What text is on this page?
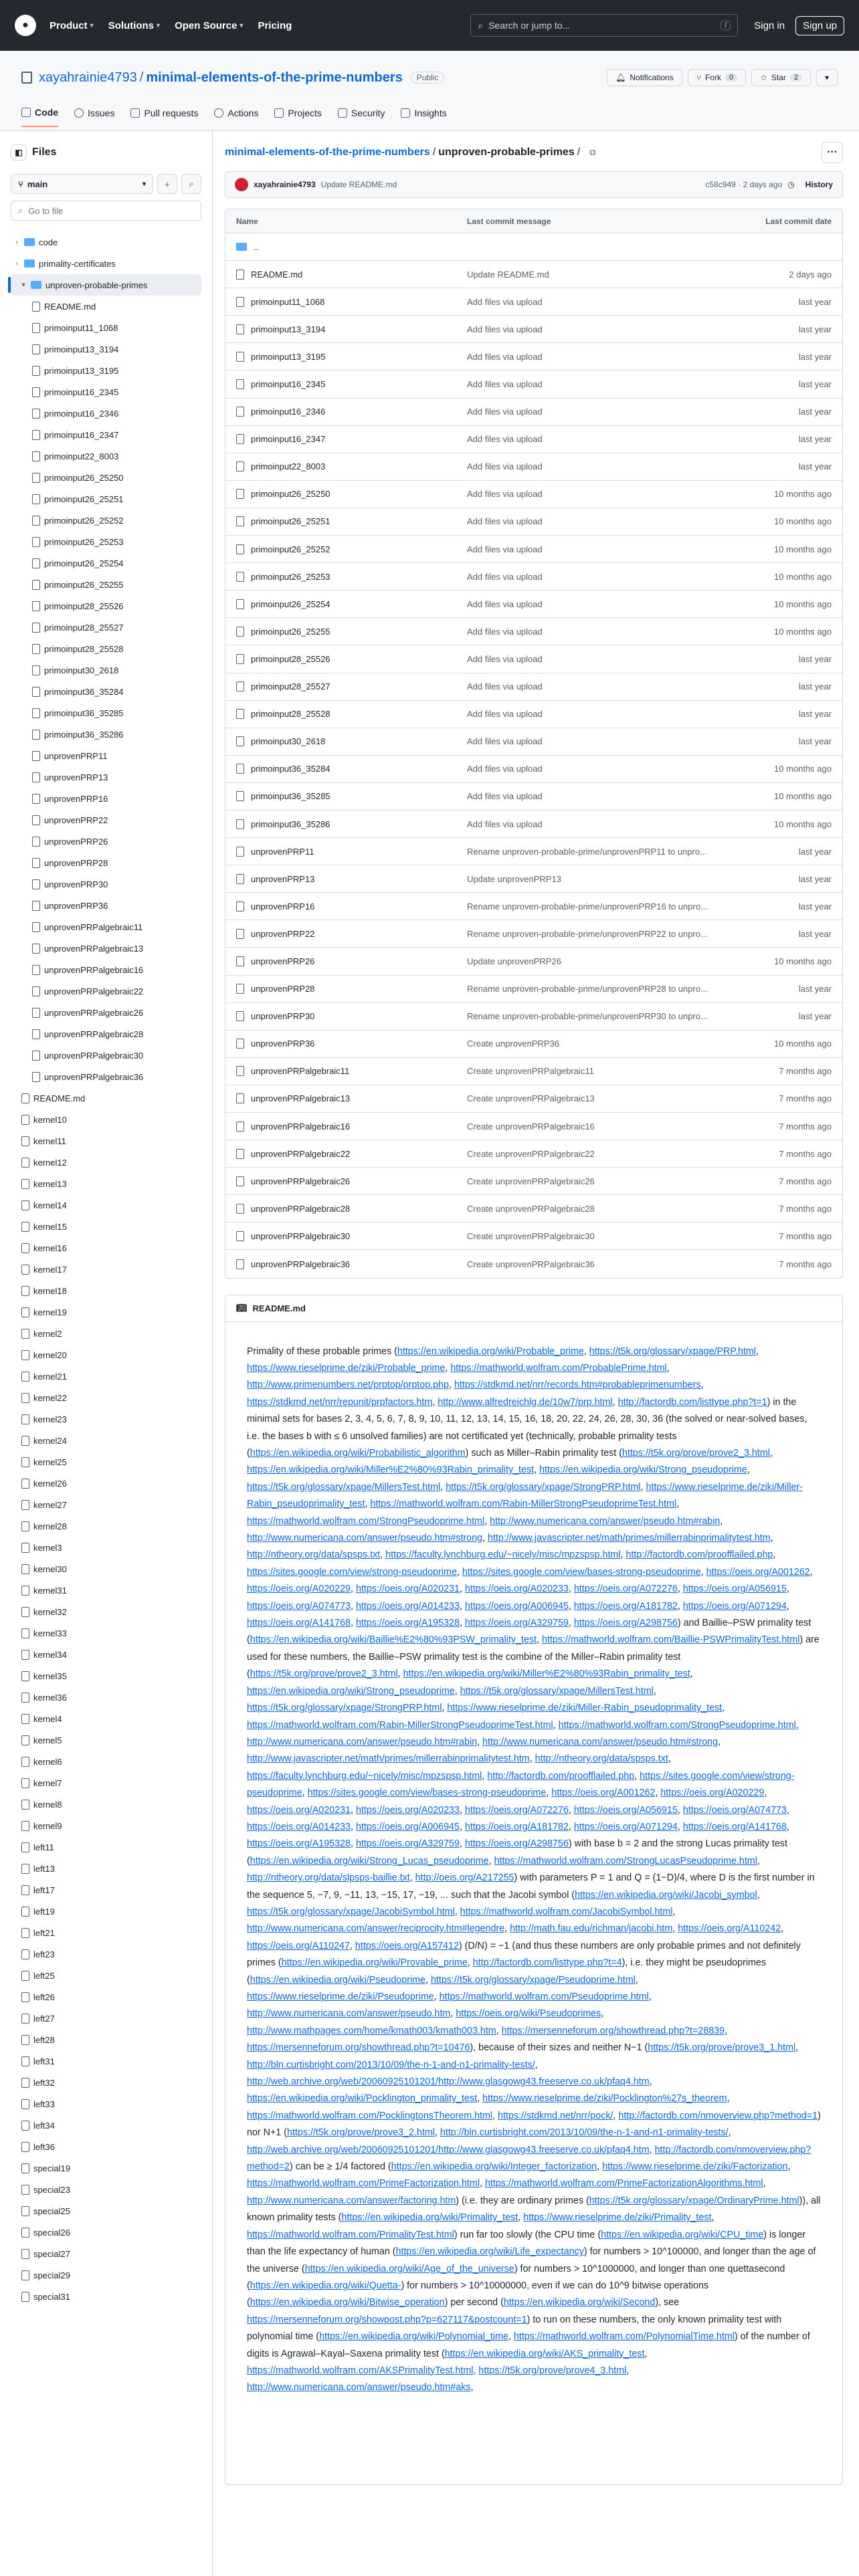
●	Product ▾ Solutions ▾ Open Source ▾ Pricing	⌕ Search or jump to...	/	Sign in	Sign up
xayahrainie4793 / minimal-elements-of-the-prime-numbers	Public	🔔︎ Notifications	⑂ Fork	0	☆ Star	2	▾
Code	Issues	Pull requests	Actions	Projects	Security	Insights
◧ Files
⑂ main	▾ + ⌕
⌕
Go to file
› code
› primality-certificates
▾ unproven-probable-primes
README.md
primoinput11_1068
primoinput13_3194
primoinput13_3195
primoinput16_2345
primoinput16_2346
primoinput16_2347
primoinput22_8003
primoinput26_25250
primoinput26_25251
primoinput26_25252
primoinput26_25253
primoinput26_25254
primoinput26_25255
primoinput28_25526
primoinput28_25527
primoinput28_25528
primoinput30_2618
primoinput36_35284
primoinput36_35285
primoinput36_35286
unprovenPRP11
unprovenPRP13
unprovenPRP16
unprovenPRP22
unprovenPRP26
unprovenPRP28
unprovenPRP30
unprovenPRP36
unprovenPRPalgebraic11
unprovenPRPalgebraic13
unprovenPRPalgebraic16
unprovenPRPalgebraic22
unprovenPRPalgebraic26
unprovenPRPalgebraic28
unprovenPRPalgebraic30
unprovenPRPalgebraic36
README.md
kernel10
kernel11
kernel12
kernel13
kernel14
kernel15
kernel16
kernel17
kernel18
kernel19
kernel2
kernel20
kernel21
kernel22
kernel23
kernel24
kernel25
kernel26
kernel27
kernel28
kernel3
kernel30
kernel31
kernel32
kernel33
kernel34
kernel35
kernel36
kernel4
kernel5
kernel6
kernel7
kernel8
kernel9
left11
left13
left17
left19
left21
left23
left25
left26
left27
left28
left31
left32
left33
left34
left36
special19
special23
special25
special26
special27
special29
special31
minimal-elements-of-the-prime-numbers / unproven-probable-primes / ⧉	···
xayahrainie4793 Update README.md	c58c949 · 2 days ago ◷ History
Name	Last commit message	Last commit date
..
README.md	Update README.md	2 days ago
primoinput11_1068	Add files via upload	last year
primoinput13_3194	Add files via upload	last year
primoinput13_3195	Add files via upload	last year
primoinput16_2345	Add files via upload	last year
primoinput16_2346	Add files via upload	last year
primoinput16_2347	Add files via upload	last year
primoinput22_8003	Add files via upload	last year
primoinput26_25250	Add files via upload	10 months ago
primoinput26_25251	Add files via upload	10 months ago
primoinput26_25252	Add files via upload	10 months ago
primoinput26_25253	Add files via upload	10 months ago
primoinput26_25254	Add files via upload	10 months ago
primoinput26_25255	Add files via upload	10 months ago
primoinput28_25526	Add files via upload	last year
primoinput28_25527	Add files via upload	last year
primoinput28_25528	Add files via upload	last year
primoinput30_2618	Add files via upload	last year
primoinput36_35284	Add files via upload	10 months ago
primoinput36_35285	Add files via upload	10 months ago
primoinput36_35286	Add files via upload	10 months ago
unprovenPRP11	Rename unproven-probable-prime/unprovenPRP11 to unpro...	last year
unprovenPRP13	Update unprovenPRP13	last year
unprovenPRP16	Rename unproven-probable-prime/unprovenPRP16 to unpro...	last year
unprovenPRP22	Rename unproven-probable-prime/unprovenPRP22 to unpro...	last year
unprovenPRP26	Update unprovenPRP26	10 months ago
unprovenPRP28	Rename unproven-probable-prime/unprovenPRP28 to unpro...	last year
unprovenPRP30	Rename unproven-probable-prime/unprovenPRP30 to unpro...	last year
unprovenPRP36	Create unprovenPRP36	10 months ago
unprovenPRPalgebraic11	Create unprovenPRPalgebraic11	7 months ago
unprovenPRPalgebraic13	Create unprovenPRPalgebraic13	7 months ago
unprovenPRPalgebraic16	Create unprovenPRPalgebraic16	7 months ago
unprovenPRPalgebraic22	Create unprovenPRPalgebraic22	7 months ago
unprovenPRPalgebraic26	Create unprovenPRPalgebraic26	7 months ago
unprovenPRPalgebraic28	Create unprovenPRPalgebraic28	7 months ago
unprovenPRPalgebraic30	Create unprovenPRPalgebraic30	7 months ago
unprovenPRPalgebraic36	Create unprovenPRPalgebraic36	7 months ago
📖︎ README.md
Primality of these probable primes (https://en.wikipedia.org/wiki/Probable_prime, https://t5k.org/glossary/xpage/PRP.html, https://www.rieselprime.de/ziki/Probable_prime, https://mathworld.wolfram.com/ProbablePrime.html, http://www.primenumbers.net/prptop/prptop.php, https://stdkmd.net/nrr/records.htm#probableprimenumbers, https://stdkmd.net/nrr/repunit/prpfactors.htm, http://www.alfredreichlg.de/10w7/prp.html, http://factordb.com/listtype.php?t=1) in the minimal sets for bases 2, 3, 4, 5, 6, 7, 8, 9, 10, 11, 12, 13, 14, 15, 16, 18, 20, 22, 24, 26, 28, 30, 36 (the solved or near-solved bases, i.e. the bases b with ≤ 6 unsolved families) are not certificated yet (technically, probable primality tests (https://en.wikipedia.org/wiki/Probabilistic_algorithm) such as Miller–Rabin primality test (https://t5k.org/prove/prove2_3.html, https://en.wikipedia.org/wiki/Miller%E2%80%93Rabin_primality_test, https://en.wikipedia.org/wiki/Strong_pseudoprime, https://t5k.org/glossary/xpage/MillersTest.html, https://t5k.org/glossary/xpage/StrongPRP.html, https://www.rieselprime.de/ziki/Miller-Rabin_pseudoprimality_test, https://mathworld.wolfram.com/Rabin-MillerStrongPseudoprimeTest.html, https://mathworld.wolfram.com/StrongPseudoprime.html, http://www.numericana.com/answer/pseudo.htm#rabin, http://www.numericana.com/answer/pseudo.htm#strong, http://www.javascripter.net/math/primes/millerrabinprimalitytest.htm, http://ntheory.org/data/spsps.txt, https://faculty.lynchburg.edu/~nicely/misc/mpzspsp.html, http://factordb.com/proofflailed.php, https://sites.google.com/view/strong-pseudoprime, https://sites.google.com/view/bases-strong-pseudoprime, https://oeis.org/A001262, https://oeis.org/A020229, https://oeis.org/A020231, https://oeis.org/A020233, https://oeis.org/A072276, https://oeis.org/A056915, https://oeis.org/A074773, https://oeis.org/A014233, https://oeis.org/A006945, https://oeis.org/A181782, https://oeis.org/A071294, https://oeis.org/A141768, https://oeis.org/A195328, https://oeis.org/A329759, https://oeis.org/A298756) and Baillie–PSW primality test (https://en.wikipedia.org/wiki/Baillie%E2%80%93PSW_primality_test, https://mathworld.wolfram.com/Baillie-PSWPrimalityTest.html) are used for these numbers, the Baillie–PSW primality test is the combine of the Miller–Rabin primality test (https://t5k.org/prove/prove2_3.html, https://en.wikipedia.org/wiki/Miller%E2%80%93Rabin_primality_test, https://en.wikipedia.org/wiki/Strong_pseudoprime, https://t5k.org/glossary/xpage/MillersTest.html, https://t5k.org/glossary/xpage/StrongPRP.html, https://www.rieselprime.de/ziki/Miller-Rabin_pseudoprimality_test, https://mathworld.wolfram.com/Rabin-MillerStrongPseudoprimeTest.html, https://mathworld.wolfram.com/StrongPseudoprime.html, http://www.numericana.com/answer/pseudo.htm#rabin, http://www.numericana.com/answer/pseudo.htm#strong, http://www.javascripter.net/math/primes/millerrabinprimalitytest.htm, http://ntheory.org/data/spsps.txt, https://faculty.lynchburg.edu/~nicely/misc/mpzspsp.html, http://factordb.com/proofflailed.php, https://sites.google.com/view/strong-pseudoprime, https://sites.google.com/view/bases-strong-pseudoprime, https://oeis.org/A001262, https://oeis.org/A020229, https://oeis.org/A020231, https://oeis.org/A020233, https://oeis.org/A072276, https://oeis.org/A056915, https://oeis.org/A074773, https://oeis.org/A014233, https://oeis.org/A006945, https://oeis.org/A181782, https://oeis.org/A071294, https://oeis.org/A141768, https://oeis.org/A195328, https://oeis.org/A329759, https://oeis.org/A298756) with base b = 2 and the strong Lucas primality test (https://en.wikipedia.org/wiki/Strong_Lucas_pseudoprime, https://mathworld.wolfram.com/StrongLucasPseudoprime.html, http://ntheory.org/data/slpsps-baillie.txt, http://oeis.org/A217255) with parameters P = 1 and Q = (1−D)/4, where D is the first number in the sequence 5, −7, 9, −11, 13, −15, 17, −19, ... such that the Jacobi symbol (https://en.wikipedia.org/wiki/Jacobi_symbol, https://t5k.org/glossary/xpage/JacobiSymbol.html, https://mathworld.wolfram.com/JacobiSymbol.html, http://www.numericana.com/answer/reciprocity.htm#legendre, http://math.fau.edu/richman/jacobi.htm, https://oeis.org/A110242, https://oeis.org/A110247, https://oeis.org/A157412) (D/N) = −1 (and thus these numbers are only probable primes and not definitely primes (https://en.wikipedia.org/wiki/Provable_prime, http://factordb.com/listtype.php?t=4), i.e. they might be pseudoprimes (https://en.wikipedia.org/wiki/Pseudoprime, https://t5k.org/glossary/xpage/Pseudoprime.html, https://www.rieselprime.de/ziki/Pseudoprime, https://mathworld.wolfram.com/Pseudoprime.html, http://www.numericana.com/answer/pseudo.htm, https://oeis.org/wiki/Pseudoprimes, http://www.mathpages.com/home/kmath003/kmath003.htm, https://mersenneforum.org/showthread.php?t=28839, https://mersenneforum.org/showthread.php?t=10476), because of their sizes and neither N−1 (https://t5k.org/prove/prove3_1.html, http://bln.curtisbright.com/2013/10/09/the-n-1-and-n1-primality-tests/, http://web.archive.org/web/20060925101201/http://www.glasgowg43.freeserve.co.uk/pfaq4.htm, https://en.wikipedia.org/wiki/Pocklington_primality_test, https://www.rieselprime.de/ziki/Pocklington%27s_theorem, https://mathworld.wolfram.com/PocklingtonsTheorem.html, https://stdkmd.net/nrr/pock/, http://factordb.com/nmoverview.php?method=1) nor N+1 (https://t5k.org/prove/prove3_2.html, http://bln.curtisbright.com/2013/10/09/the-n-1-and-n1-primality-tests/, http://web.archive.org/web/20060925101201/http://www.glasgowg43.freeserve.co.uk/pfaq4.htm, http://factordb.com/nmoverview.php?method=2) can be ≥ 1/4 factored (https://en.wikipedia.org/wiki/Integer_factorization, https://www.rieselprime.de/ziki/Factorization, https://mathworld.wolfram.com/PrimeFactorization.html, https://mathworld.wolfram.com/PrimeFactorizationAlgorithms.html, http://www.numericana.com/answer/factoring.htm) (i.e. they are ordinary primes (https://t5k.org/glossary/xpage/OrdinaryPrime.html)), all known primality tests (https://en.wikipedia.org/wiki/Primality_test, https://www.rieselprime.de/ziki/Primality_test, https://mathworld.wolfram.com/PrimalityTest.html) run far too slowly (the CPU time (https://en.wikipedia.org/wiki/CPU_time) is longer than the life expectancy of human (https://en.wikipedia.org/wiki/Life_expectancy) for numbers > 10^100000, and longer than the age of the universe (https://en.wikipedia.org/wiki/Age_of_the_universe) for numbers > 10^1000000, and longer than one quettasecond (https://en.wikipedia.org/wiki/Quetta-) for numbers > 10^10000000, even if we can do 10^9 bitwise operations (https://en.wikipedia.org/wiki/Bitwise_operation) per second (https://en.wikipedia.org/wiki/Second), see https://mersenneforum.org/showpost.php?p=627117&postcount=1) to run on these numbers, the only known primality test with polynomial time (https://en.wikipedia.org/wiki/Polynomial_time, https://mathworld.wolfram.com/PolynomialTime.html) of the number of digits is Agrawal–Kayal–Saxena primality test (https://en.wikipedia.org/wiki/AKS_primality_test, https://mathworld.wolfram.com/AKSPrimalityTest.html, https://t5k.org/prove/prove4_3.html, http://www.numericana.com/answer/pseudo.htm#aks,
